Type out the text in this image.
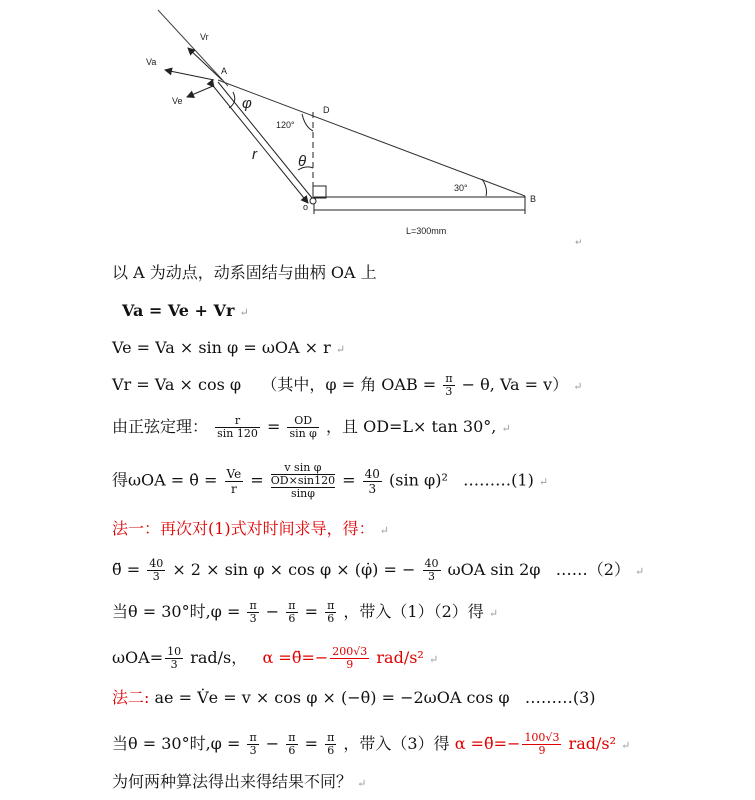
Vr
Va
A
Ve
D
120°
φ
r	θ
30°
B
o
L=300mm
↵
以 A 为动点，动系固结与曲柄 OA 上
Va = Ve + Vr ↵
Ve = Va × sin φ = ωOA × r ↵
Vr = Va × cos φ （其中，φ = 角 OAB = $\frac{\pi}{3} - \theta$, Va = v） ↵
由正弦定理： $\frac{r}{\sin 120} = \frac{OD}{\text{sin φ}}$ ，且 OD=L× tan 30°, ↵
得ωOA = θ̇ = $\frac{Ve}{r} = v$ sin φ
OD×sin120
$\sin\varphi = \frac{40}{3} (\sin$ φ)² ………(1) ↵
法一：再次对(1)式对时间求导，得： ↵
θ̈ = $\frac{40}{3} \times 2 \times \sin \varphi \times \cos \varphi$ × (φ̇) = − $\frac{40}{3}$ ωOA sin 2φ ……（2） ↵
当θ = 30°时$,\varphi = \frac{\pi}{3} - \frac{\pi}{6} = \frac{\pi}{6}$ ，带入（1）（2）得 ↵
$\omega OA= \frac{10}{3} rad/s$， α =θ̈=− $\frac{200√3}{9} rad/s^2$ ↵
法二: ae = V̇e = v × cos φ × (−θ̇) = −2ωOA cos φ ………(3)
当θ = 30°时$,\varphi = \frac{\pi}{3} - \frac{\pi}{6} = \frac{\pi}{6}$ ，带入（3）得 α =θ̈=− $\frac{100√3}{9} rad/s^2$ ↵
为何两种算法得出来得结果不同？ ↵
